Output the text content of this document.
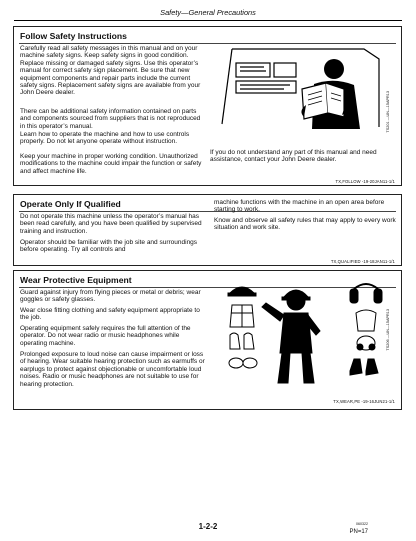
Safety—General Precautions
Follow Safety Instructions

Carefully read all safety messages in this manual and on your machine safety signs. Keep safety signs in good condition. Replace missing or damaged safety signs. Use this operator’s manual for correct safety sign placement. Be sure that new equipment components and repair parts include the current safety signs. Replacement safety signs are available from your John Deere dealer.

There can be additional safety information contained on parts and components sourced from suppliers that is not reproduced in this operator’s manual.

Learn how to operate the machine and how to use controls properly. Do not let anyone operate without instruction.

Keep your machine in proper working condition. Unauthorized modifications to the machine could impair the function or safety and affect machine life.

If you do not understand any part of this manual and need assistance, contact your John Deere dealer.

TS201 —UN—15APR13
TX,FOLLOW -19-20JAN11-1/1
Operate Only If Qualified

Do not operate this machine unless the operator’s manual has been read carefully, and you have been qualified by supervised training and instruction.

Operator should be familiar with the job site and surroundings before operating. Try all controls and

machine functions with the machine in an open area before starting to work.

Know and observe all safety rules that may apply to every work situation and work site.

TX,QUALIFIED -19-18JAN11-1/1
Wear Protective Equipment

Guard against injury from flying pieces or metal or debris; wear goggles or safety glasses.

Wear close fitting clothing and safety equipment appropriate to the job.

Operating equipment safely requires the full attention of the operator. Do not wear radio or music headphones while operating machine.

Prolonged exposure to loud noise can cause impairment or loss of hearing. Wear suitable hearing protection such as earmuffs or earplugs to protect against objectionable or uncomfortable loud noises. Radio or music headphones are not suitable to use for hearing protection.

TS206 —UN—15APR13
TX,WEAR,PE -19-16JUN21-1/1
1-2-2	060322
PN=17
